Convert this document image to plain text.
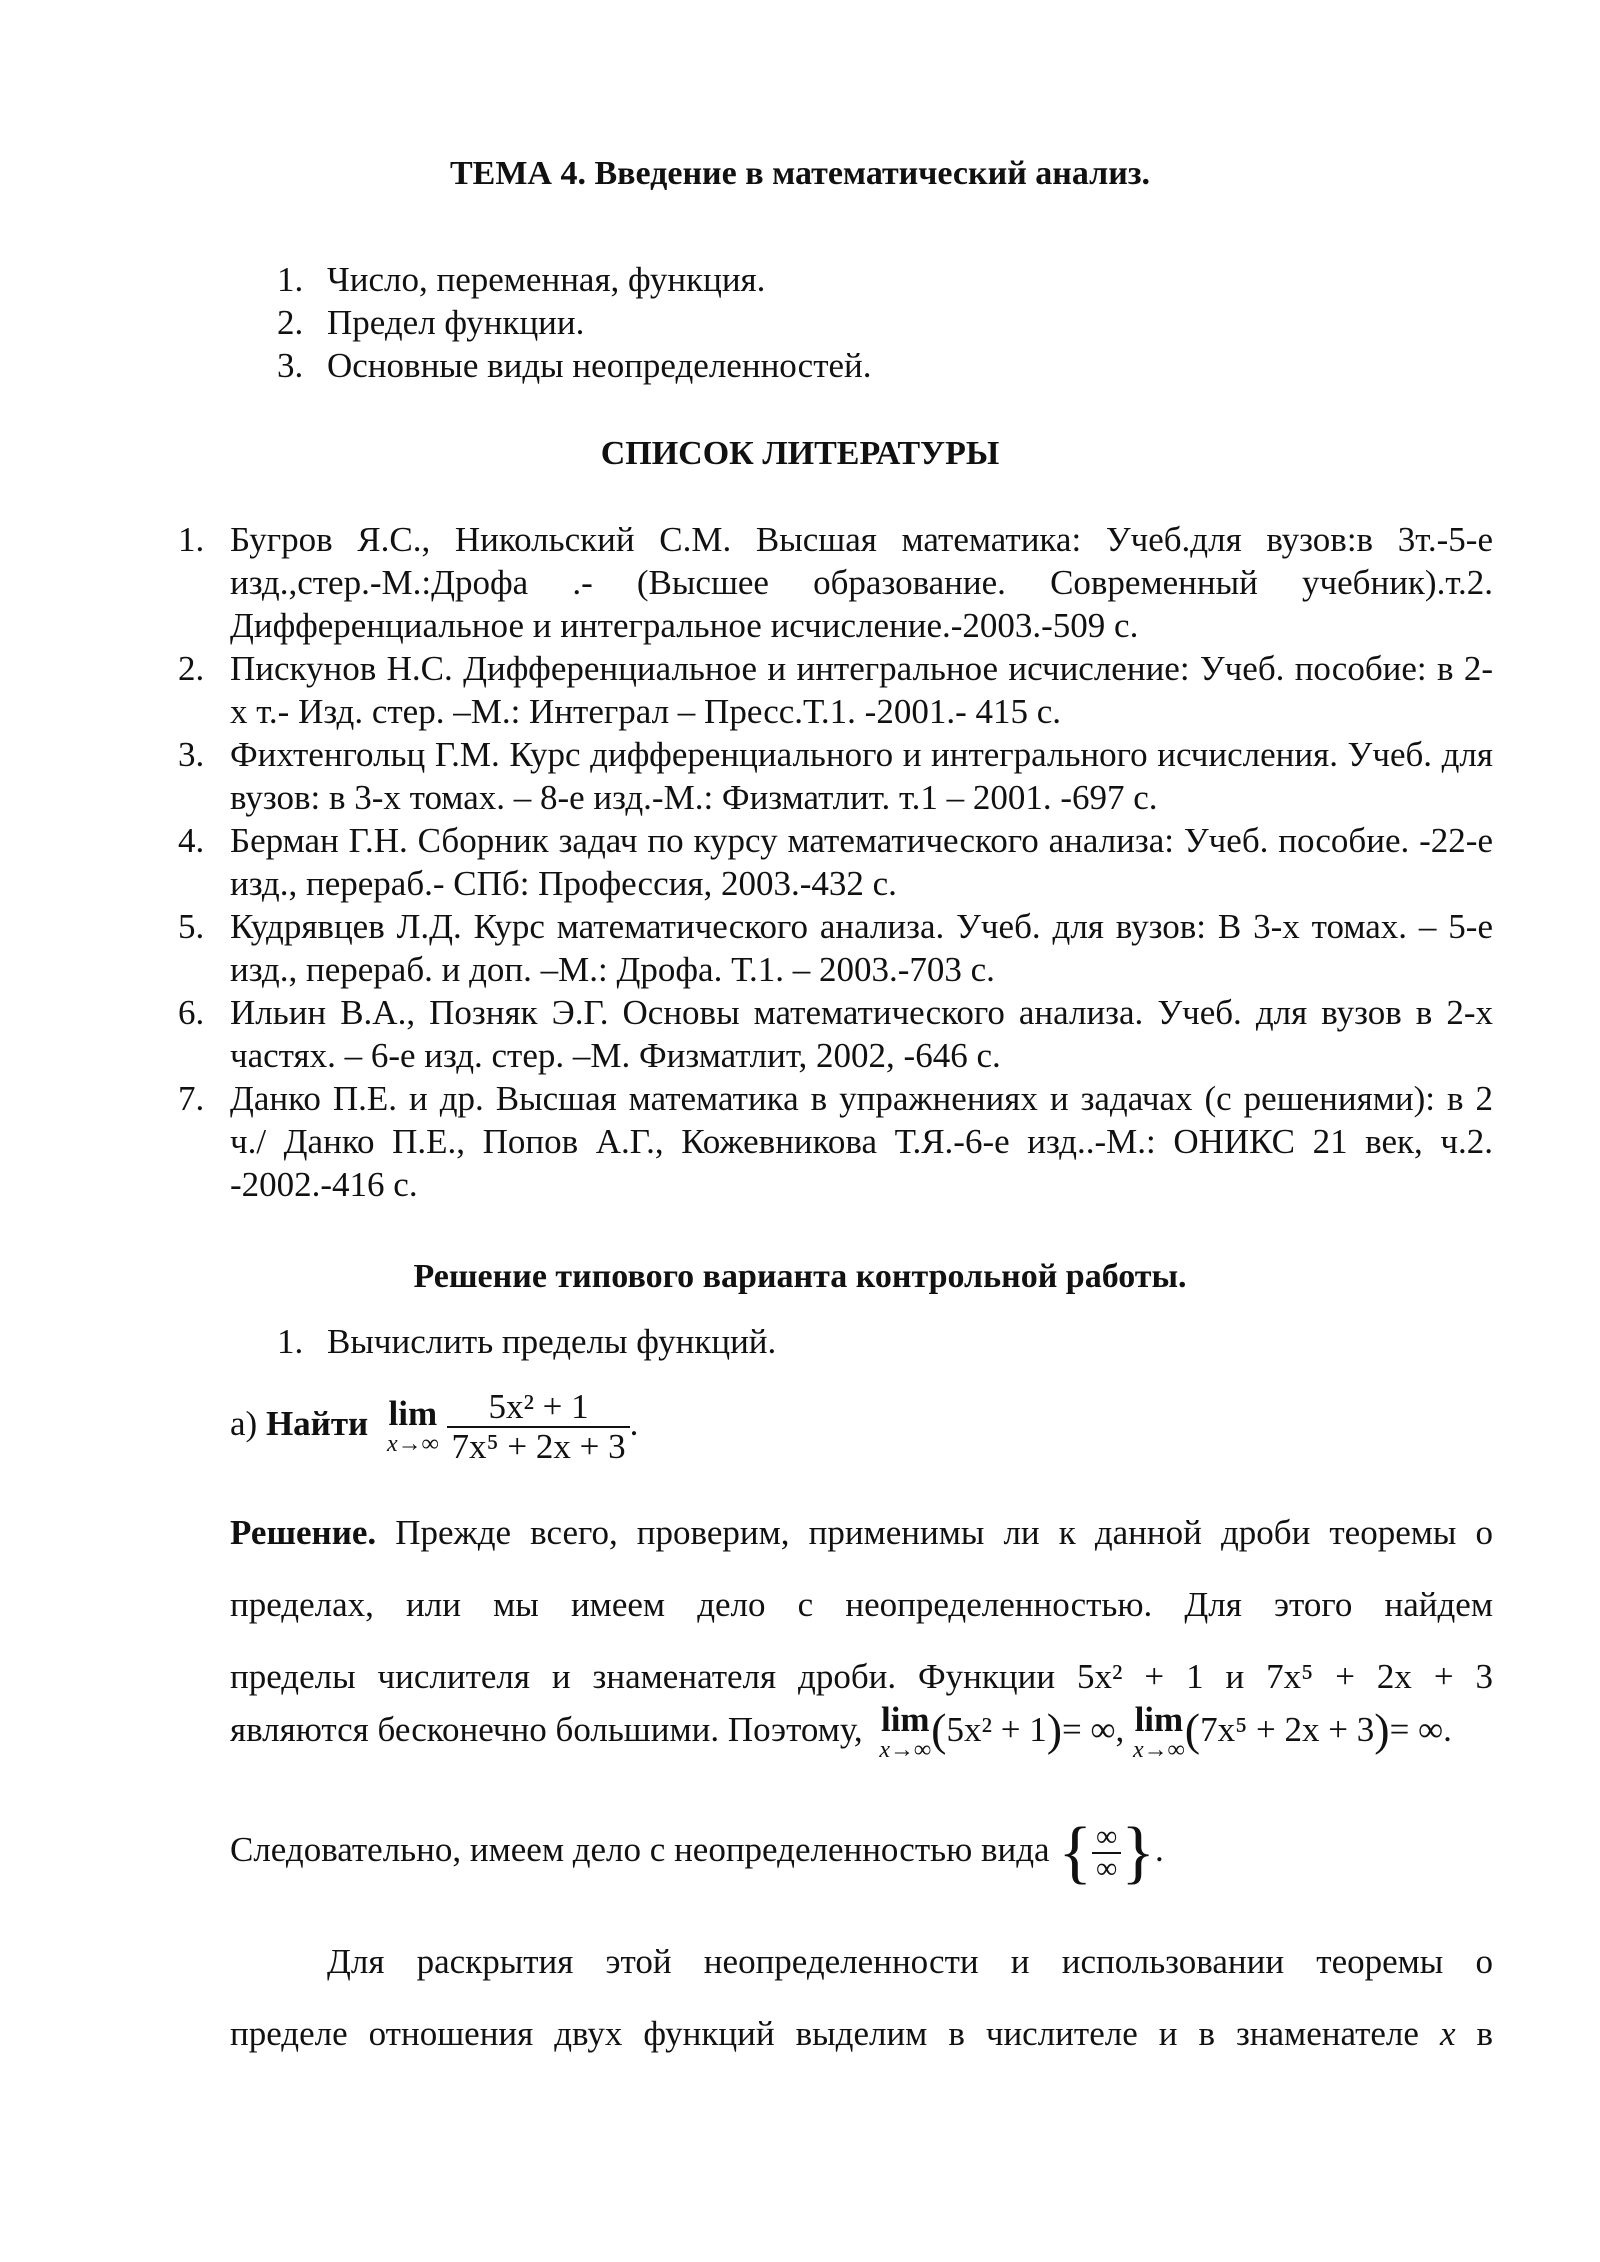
ТЕМА 4. Введение в математический анализ.
1. Число, переменная, функция.
2. Предел функции.
3. Основные виды неопределенностей.
СПИСОК ЛИТЕРАТУРЫ
1. Бугров Я.С., Никольский С.М. Высшая математика: Учеб.для вузов:в 3т.-5-е изд.,стер.-М.:Дрофа .- (Высшее образование. Современный учебник).т.2. Дифференциальное и интегральное исчисление.-2003.-509 с.
2. Пискунов Н.С. Дифференциальное и интегральное исчисление: Учеб. пособие: в 2-х т.- Изд. стер. –М.: Интеграл – Пресс.Т.1. -2001.- 415 с.
3. Фихтенгольц Г.М. Курс дифференциального и интегрального исчисления. Учеб. для вузов: в 3-х томах. – 8-е изд.-М.: Физматлит. т.1 – 2001. -697 с.
4. Берман Г.Н. Сборник задач по курсу математического анализа: Учеб. пособие. -22-е изд., перераб.- СПб: Профессия, 2003.-432 с.
5. Кудрявцев Л.Д. Курс математического анализа. Учеб. для вузов: В 3-х томах. – 5-е изд., перераб. и доп. –М.: Дрофа. Т.1. – 2003.-703 с.
6. Ильин В.А., Позняк Э.Г. Основы математического анализа. Учеб. для вузов в 2-х частях. – 6-е изд. стер. –М. Физматлит, 2002, -646 с.
7. Данко П.Е. и др. Высшая математика в упражнениях и задачах (с решениями): в 2 ч./ Данко П.Е., Попов А.Г., Кожевникова Т.Я.-6-е изд..-М.: ОНИКС 21 век, ч.2. -2002.-416 с.
Решение типового варианта контрольной работы.
1. Вычислить пределы функций.
а) Найти lim
x→∞
$\frac{\text{5x² + 1}}{\text{7x⁵ + 2x + 3}}$ .
Решение. Прежде всего, проверим, применимы ли к данной дроби теоремы о
пределах, или мы имеем дело с неопределенностью. Для этого найдем
пределы числителя и знаменателя дроби. Функции 5x² + 1 и 7x⁵ + 2x + 3
являются бесконечно большими. Поэтому, lim
x→∞ (5x² + 1)= ∞, lim
x→∞ (7x⁵ + 2x + 3)= ∞.
Следовательно, имеем дело с неопределенностью вида { $\frac{\infty}{\infty}$ }.
Для раскрытия этой неопределенности и использовании теоремы о
пределе отношения двух функций выделим в числителе и в знаменателе x в
